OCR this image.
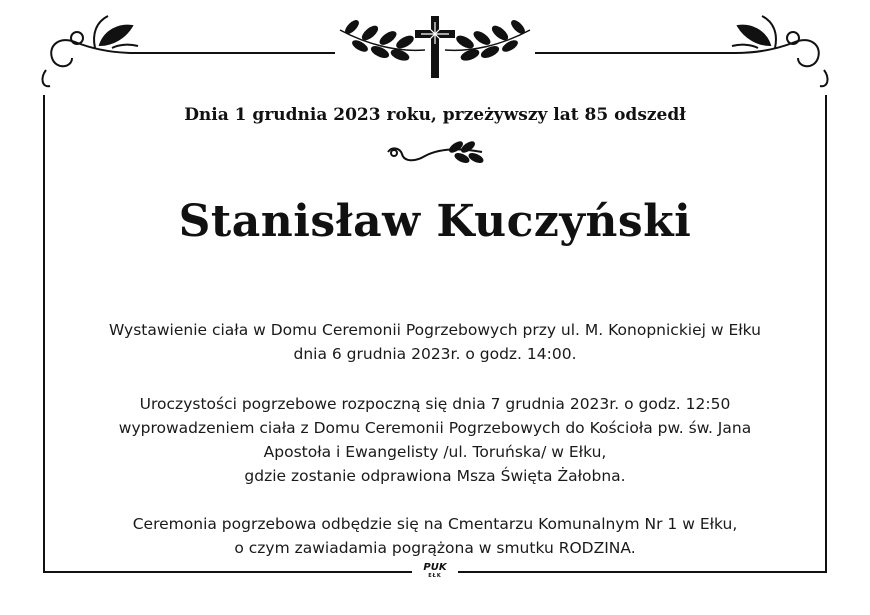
Dnia 1 grudnia 2023 roku, przeżywszy lat 85 odszedł
Stanisław Kuczyński
Wystawienie ciała w Domu Ceremonii Pogrzebowych przy ul. M. Konopnickiej w Ełku
dnia 6 grudnia 2023r. o godz. 14:00.
Uroczystości pogrzebowe rozpoczną się dnia 7 grudnia 2023r. o godz. 12:50
wyprowadzeniem ciała z Domu Ceremonii Pogrzebowych do Kościoła pw. św. Jana
Apostoła i Ewangelisty /ul. Toruńska/ w Ełku,
gdzie zostanie odprawiona Msza Święta Żałobna.
Ceremonia pogrzebowa odbędzie się na Cmentarzu Komunalnym Nr 1 w Ełku,
o czym zawiadamia pogrążona w smutku RODZINA.
PUK
EŁK
